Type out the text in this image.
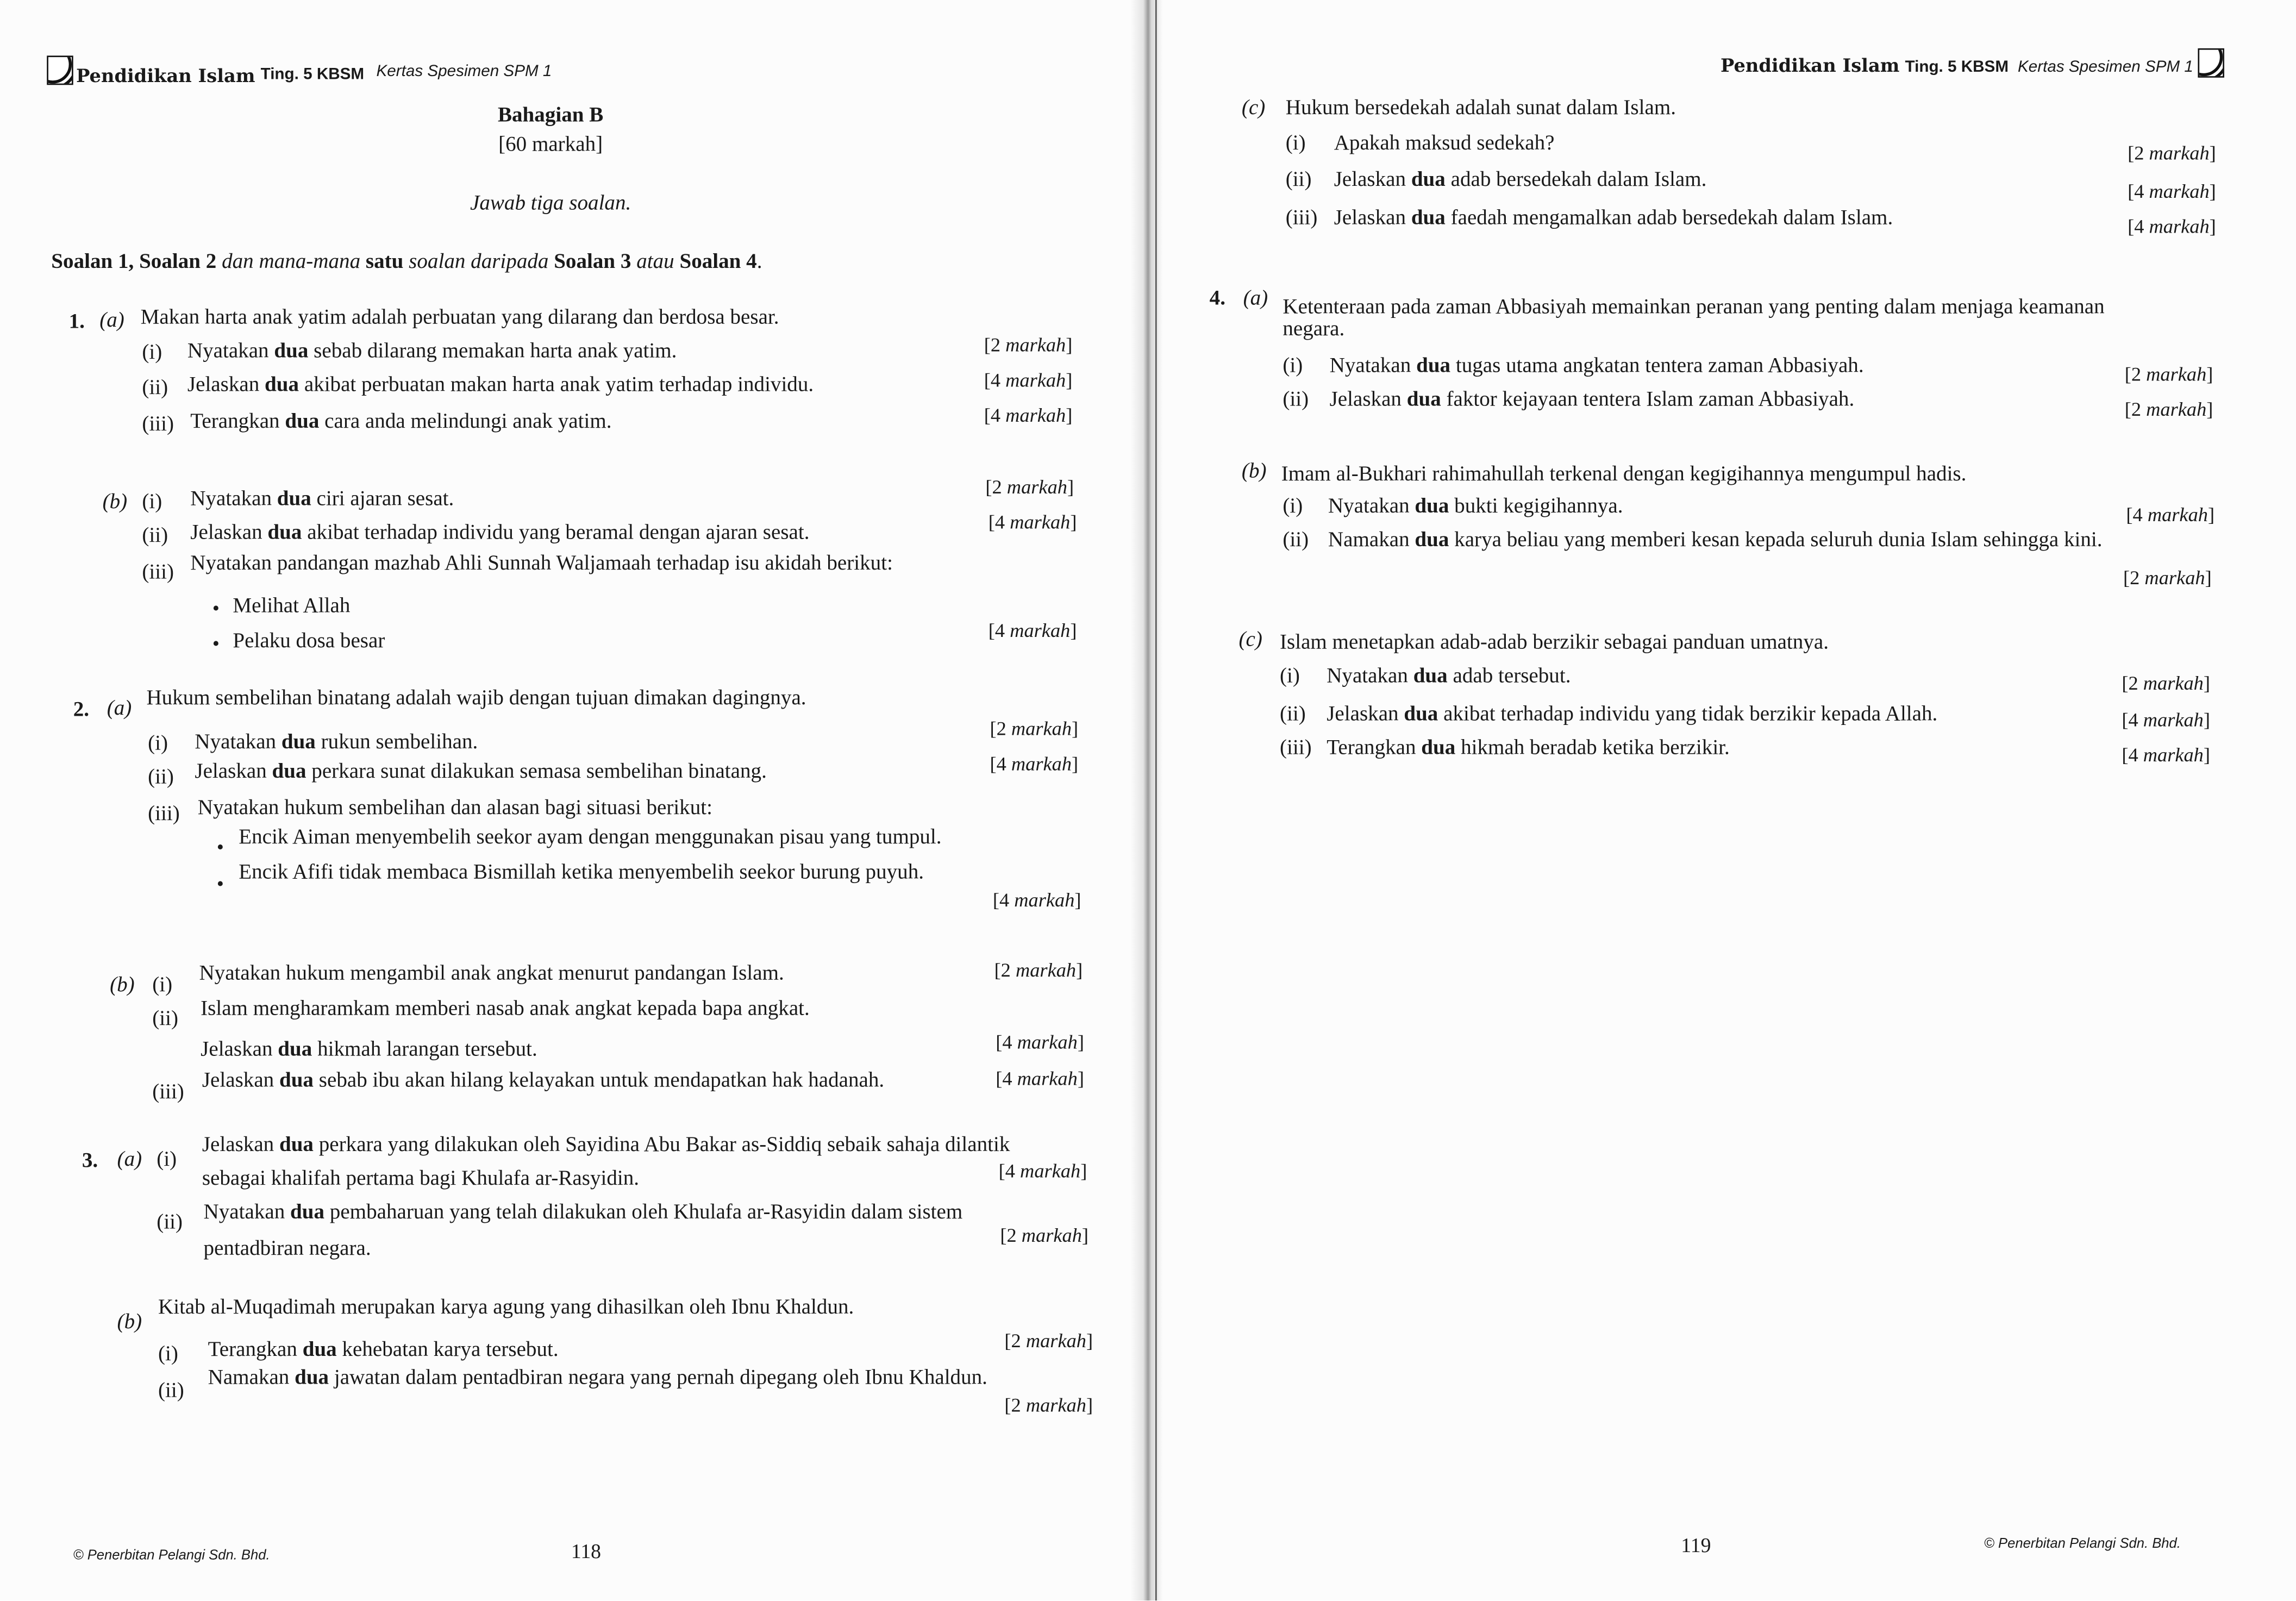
Pendidikan Islam Ting. 5 KBSM Kertas Spesimen SPM 1
Bahagian B
[60 markah]
Jawab tiga soalan.
Soalan 1, Soalan 2 dan mana-mana satu soalan daripada Soalan 3 atau Soalan 4.
1. (a) Makan harta anak yatim adalah perbuatan yang dilarang dan berdosa besar.
(i)	Nyatakan dua sebab dilarang memakan harta anak yatim.	[2 markah]
(ii) Jelaskan dua akibat perbuatan makan harta anak yatim terhadap individu.	[4 markah]
(iii) Terangkan dua cara anda melindungi anak yatim.	[4 markah]
(b) (i)	Nyatakan dua ciri ajaran sesat.
[2 markah]
(ii)	Jelaskan dua akibat terhadap individu yang beramal dengan ajaran sesat.	[4 markah]
(iii) Nyatakan pandangan mazhab Ahli Sunnah Waljamaah terhadap isu akidah berikut:
• Melihat Allah
• Pelaku dosa besar	[4 markah]
2. (a) Hukum sembelihan binatang adalah wajib dengan tujuan dimakan dagingnya.
(i)	Nyatakan dua rukun sembelihan.
[2 markah]
(ii)	Jelaskan dua perkara sunat dilakukan semasa sembelihan binatang.	[4 markah]
(iii) Nyatakan hukum sembelihan dan alasan bagi situasi berikut:
• Encik Aiman menyembelih seekor ayam dengan menggunakan pisau yang tumpul.
•
Encik Afifi tidak membaca Bismillah ketika menyembelih seekor burung puyuh.
[4 markah]
(b) (i)
Nyatakan hukum mengambil anak angkat menurut pandangan Islam.	[2 markah]
(ii)	Islam mengharamkam memberi nasab anak angkat kepada bapa angkat.
Jelaskan dua hikmah larangan tersebut.	[4 markah]
(iii)
Jelaskan dua sebab ibu akan hilang kelayakan untuk mendapatkan hak hadanah.	[4 markah]
3. (a) (i)
Jelaskan dua perkara yang dilakukan oleh Sayidina Abu Bakar as-Siddiq sebaik sahaja dilantik
sebagai khalifah pertama bagi Khulafa ar-Rasyidin.	[4 markah]
(ii)	Nyatakan dua pembaharuan yang telah dilakukan oleh Khulafa ar-Rasyidin dalam sistem
pentadbiran negara.
[2 markah]
(b)
Kitab al-Muqadimah merupakan karya agung yang dihasilkan oleh Ibnu Khaldun.
(i)	Terangkan dua kehebatan karya tersebut.	[2 markah]
(ii)
Namakan dua jawatan dalam pentadbiran negara yang pernah dipegang oleh Ibnu Khaldun.
[2 markah]
© Penerbitan Pelangi Sdn. Bhd.	118
Pendidikan Islam Ting. 5 KBSM Kertas Spesimen SPM 1
(c)	Hukum bersedekah adalah sunat dalam Islam.
(i)	Apakah maksud sedekah?	[2 markah]
(ii)	Jelaskan dua adab bersedekah dalam Islam.	[4 markah]
(iii) Jelaskan dua faedah mengamalkan adab bersedekah dalam Islam.	[4 markah]
4. (a) Ketenteraan pada zaman Abbasiyah memainkan peranan yang penting dalam menjaga keamanan
negara.
(i)	Nyatakan dua tugas utama angkatan tentera zaman Abbasiyah.	[2 markah]
(ii)	Jelaskan dua faktor kejayaan tentera Islam zaman Abbasiyah.	[2 markah]
(b) Imam al-Bukhari rahimahullah terkenal dengan kegigihannya mengumpul hadis.
(i)	Nyatakan dua bukti kegigihannya.	[4 markah]
(ii) Namakan dua karya beliau yang memberi kesan kepada seluruh dunia Islam sehingga kini.
[2 markah]
(c) Islam menetapkan adab-adab berzikir sebagai panduan umatnya.
(i)	Nyatakan dua adab tersebut.	[2 markah]
(ii)	Jelaskan dua akibat terhadap individu yang tidak berzikir kepada Allah.	[4 markah]
(iii) Terangkan dua hikmah beradab ketika berzikir.	[4 markah]
119	© Penerbitan Pelangi Sdn. Bhd.
